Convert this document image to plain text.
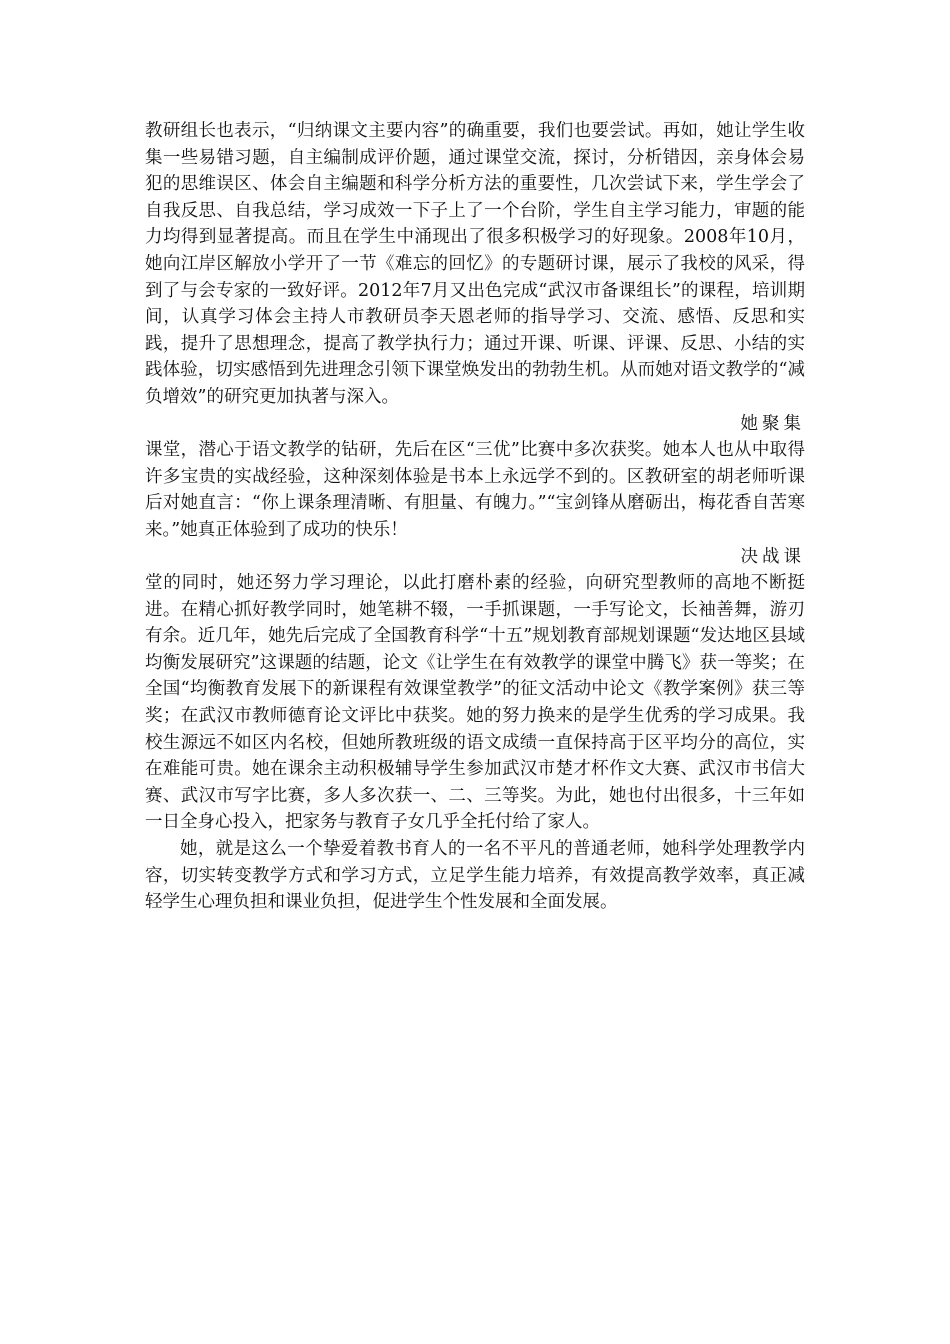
教研组长也表示，“归纳课文主要内容”的确重要，我们也要尝试。再如，她让学生收集一些易错习题，自主编制成评价题，通过课堂交流，探讨，分析错因，亲身体会易犯的思维误区、体会自主编题和科学分析方法的重要性，几次尝试下来，学生学会了自我反思、自我总结，学习成效一下子上了一个台阶，学生自主学习能力，审题的能力均得到显著提高。而且在学生中涌现出了很多积极学习的好现象。2008年10月，她向江岸区解放小学开了一节《难忘的回忆》的专题研讨课，展示了我校的风采，得到了与会专家的一致好评。2012年7月又出色完成“武汉市备课组长”的课程，培训期间，认真学习体会主持人市教研员李天恩老师的指导学习、交流、感悟、反思和实践，提升了思想理念，提高了教学执行力；通过开课、听课、评课、反思、小结的实践体验，切实感悟到先进理念引领下课堂焕发出的勃勃生机。从而她对语文教学的“减负增效”的研究更加执著与深入。

她聚集

课堂，潜心于语文教学的钻研，先后在区“三优”比赛中多次获奖。她本人也从中取得许多宝贵的实战经验，这种深刻体验是书本上永远学不到的。区教研室的胡老师听课后对她直言：“你上课条理清晰、有胆量、有魄力。”“宝剑锋从磨砺出，梅花香自苦寒来。”她真正体验到了成功的快乐！

决战课

堂的同时，她还努力学习理论，以此打磨朴素的经验，向研究型教师的高地不断挺进。在精心抓好教学同时，她笔耕不辍，一手抓课题，一手写论文，长袖善舞，游刃有余。近几年，她先后完成了全国教育科学“十五”规划教育部规划课题“发达地区县域均衡发展研究”这课题的结题，论文《让学生在有效教学的课堂中腾飞》获一等奖；在全国“均衡教育发展下的新课程有效课堂教学”的征文活动中论文《教学案例》获三等奖；在武汉市教师德育论文评比中获奖。她的努力换来的是学生优秀的学习成果。我校生源远不如区内名校，但她所教班级的语文成绩一直保持高于区平均分的高位，实在难能可贵。她在课余主动积极辅导学生参加武汉市楚才杯作文大赛、武汉市书信大赛、武汉市写字比赛，多人多次获一、二、三等奖。为此，她也付出很多，十三年如一日全身心投入，把家务与教育子女几乎全托付给了家人。

她，就是这么一个挚爱着教书育人的一名不平凡的普通老师，她科学处理教学内容，切实转变教学方式和学习方式，立足学生能力培养，有效提高教学效率，真正减轻学生心理负担和课业负担，促进学生个性发展和全面发展。
